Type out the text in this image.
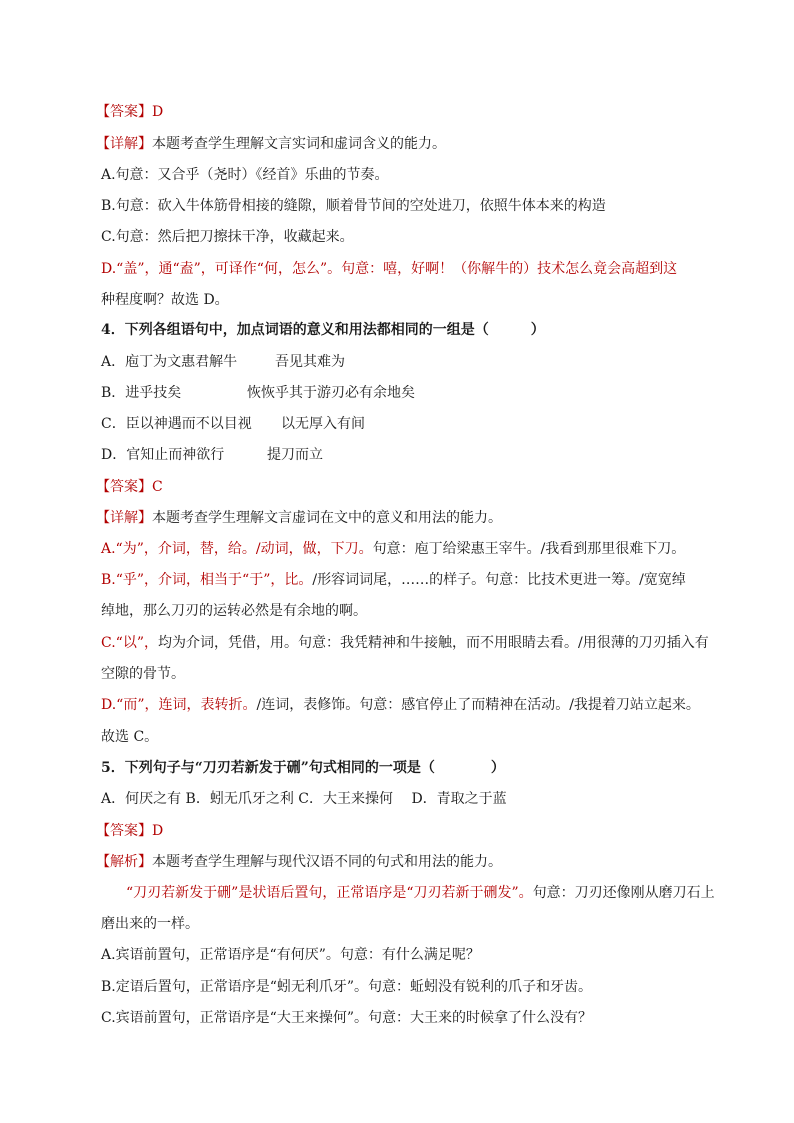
【答案】D
【详解】本题考查学生理解文言实词和虚词含义的能力。
A.句意：又合乎（尧时）《经首》乐曲的节奏。
B.句意：砍入牛体筋骨相接的缝隙，顺着骨节间的空处进刀，依照牛体本来的构造
C.句意：然后把刀擦抹干净，收藏起来。
D.“盖”，通“盍”，可译作“何，怎么”。句意：嘻，好啊！（你解牛的）技术怎么竟会高超到这
种程度啊？故选 D。
4．下列各组语句中，加点词语的意义和用法都相同的一组是（　　　）
A．庖丁为文惠君解牛	吾见其难为
B．进乎技矣	恢恢乎其于游刃必有余地矣
C．臣以神遇而不以目视 以无厚入有间
D．官知止而神欲行	提刀而立
【答案】C
【详解】本题考查学生理解文言虚词在文中的意义和用法的能力。
A.“为”，介词，替，给。/动词，做，下刀。句意：庖丁给梁惠王宰牛。/我看到那里很难下刀。
B.“乎”，介词，相当于“于”，比。/形容词词尾，……的样子。句意：比技术更进一筹。/宽宽绰
绰地，那么刀刃的运转必然是有余地的啊。
C.“以”，均为介词，凭借，用。句意：我凭精神和牛接触，而不用眼睛去看。/用很薄的刀刃插入有
空隙的骨节。
D.“而”，连词，表转折。/连词，表修饰。句意：感官停止了而精神在活动。/我提着刀站立起来。
故选 C。
5．下列句子与“刀刃若新发于硎”句式相同的一项是（　　　　）
A．何厌之有 B．蚓无爪牙之利 C．大王来操何　 D．青取之于蓝
【答案】D
【解析】本题考查学生理解与现代汉语不同的句式和用法的能力。
“刀刃若新发于硎”是状语后置句，正常语序是“刀刃若新于硎发”。句意：刀刃还像刚从磨刀石上
磨出来的一样。
A.宾语前置句，正常语序是“有何厌”。句意：有什么满足呢？
B.定语后置句，正常语序是“蚓无利爪牙”。句意：蚯蚓没有锐利的爪子和牙齿。
C.宾语前置句，正常语序是“大王来操何”。句意：大王来的时候拿了什么没有？
